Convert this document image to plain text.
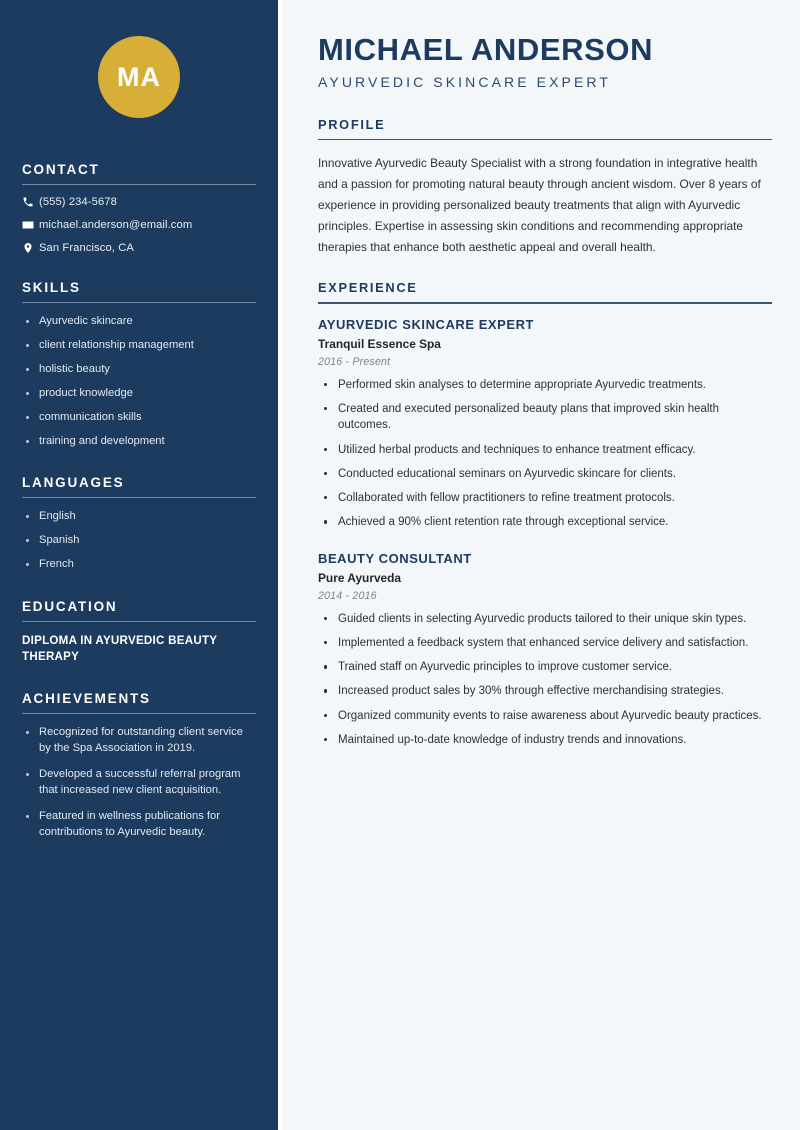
MA
CONTACT
(555) 234-5678
michael.anderson@email.com
San Francisco, CA
SKILLS
Ayurvedic skincare
client relationship management
holistic beauty
product knowledge
communication skills
training and development
LANGUAGES
English
Spanish
French
EDUCATION

DIPLOMA IN AYURVEDIC BEAUTY THERAPY

ACHIEVEMENTS
Recognized for outstanding client service by the Spa Association in 2019.
Developed a successful referral program that increased new client acquisition.
Featured in wellness publications for contributions to Ayurvedic beauty.
MICHAEL ANDERSON

AYURVEDIC SKINCARE EXPERT

PROFILE

Innovative Ayurvedic Beauty Specialist with a strong foundation in integrative health and a passion for promoting natural beauty through ancient wisdom. Over 8 years of experience in providing personalized beauty treatments that align with Ayurvedic principles. Expertise in assessing skin conditions and recommending appropriate therapies that enhance both aesthetic appeal and overall health.

EXPERIENCE
AYURVEDIC SKINCARE EXPERT

Tranquil Essence Spa

2016 - Present

Performed skin analyses to determine appropriate Ayurvedic treatments.
Created and executed personalized beauty plans that improved skin health outcomes.
Utilized herbal products and techniques to enhance treatment efficacy.
Conducted educational seminars on Ayurvedic skincare for clients.
Collaborated with fellow practitioners to refine treatment protocols.
Achieved a 90% client retention rate through exceptional service.
BEAUTY CONSULTANT

Pure Ayurveda

2014 - 2016

Guided clients in selecting Ayurvedic products tailored to their unique skin types.
Implemented a feedback system that enhanced service delivery and satisfaction.
Trained staff on Ayurvedic principles to improve customer service.
Increased product sales by 30% through effective merchandising strategies.
Organized community events to raise awareness about Ayurvedic beauty practices.
Maintained up-to-date knowledge of industry trends and innovations.
